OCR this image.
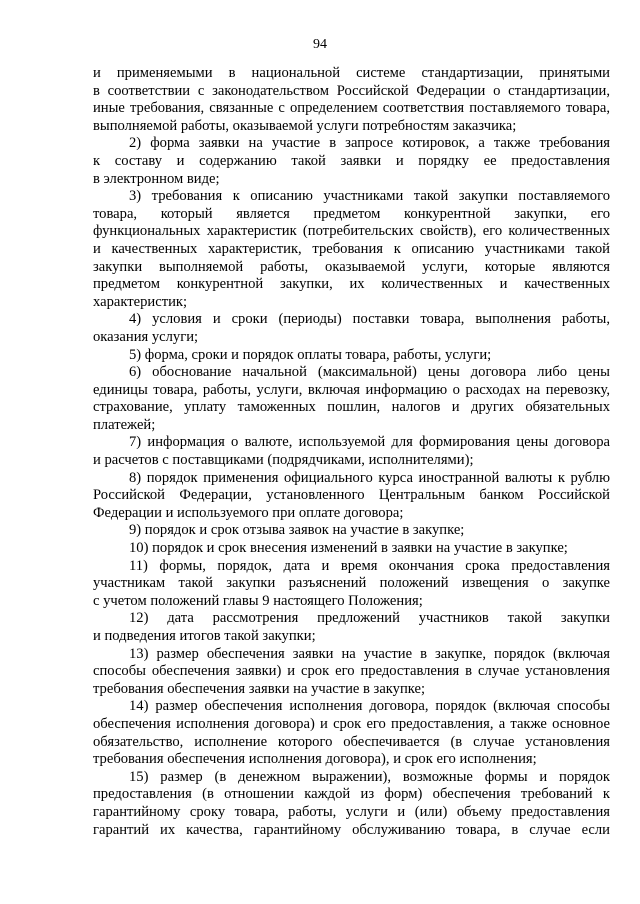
94
и применяемыми в национальной системе стандартизации, принятыми
в соответствии с законодательством Российской Федерации о стандартизации,
иные требования, связанные с определением соответствия поставляемого товара,
выполняемой работы, оказываемой услуги потребностям заказчика;
2) форма заявки на участие в запросе котировок, а также требования
к составу и содержанию такой заявки и порядку ее предоставления
в электронном виде;
3) требования к описанию участниками такой закупки поставляемого
товара, который является предметом конкурентной закупки, его
функциональных характеристик (потребительских свойств), его количественных
и качественных характеристик, требования к описанию участниками такой
закупки выполняемой работы, оказываемой услуги, которые являются
предметом конкурентной закупки, их количественных и качественных
характеристик;
4) условия и сроки (периоды) поставки товара, выполнения работы,
оказания услуги;
5) форма, сроки и порядок оплаты товара, работы, услуги;
6) обоснование начальной (максимальной) цены договора либо цены
единицы товара, работы, услуги, включая информацию о расходах на перевозку,
страхование, уплату таможенных пошлин, налогов и других обязательных
платежей;
7) информация о валюте, используемой для формирования цены договора
и расчетов с поставщиками (подрядчиками, исполнителями);
8) порядок применения официального курса иностранной валюты к рублю
Российской Федерации, установленного Центральным банком Российской
Федерации и используемого при оплате договора;
9) порядок и срок отзыва заявок на участие в закупке;
10) порядок и срок внесения изменений в заявки на участие в закупке;
11) формы, порядок, дата и время окончания срока предоставления
участникам такой закупки разъяснений положений извещения о закупке
с учетом положений главы 9 настоящего Положения;
12) дата рассмотрения предложений участников такой закупки
и подведения итогов такой закупки;
13) размер обеспечения заявки на участие в закупке, порядок (включая
способы обеспечения заявки) и срок его предоставления в случае установления
требования обеспечения заявки на участие в закупке;
14) размер обеспечения исполнения договора, порядок (включая способы
обеспечения исполнения договора) и срок его предоставления, а также основное
обязательство, исполнение которого обеспечивается (в случае установления
требования обеспечения исполнения договора), и срок его исполнения;
15) размер (в денежном выражении), возможные формы и порядок
предоставления (в отношении каждой из форм) обеспечения требований к
гарантийному сроку товара, работы, услуги и (или) объему предоставления
гарантий их качества, гарантийному обслуживанию товара, в случае если
